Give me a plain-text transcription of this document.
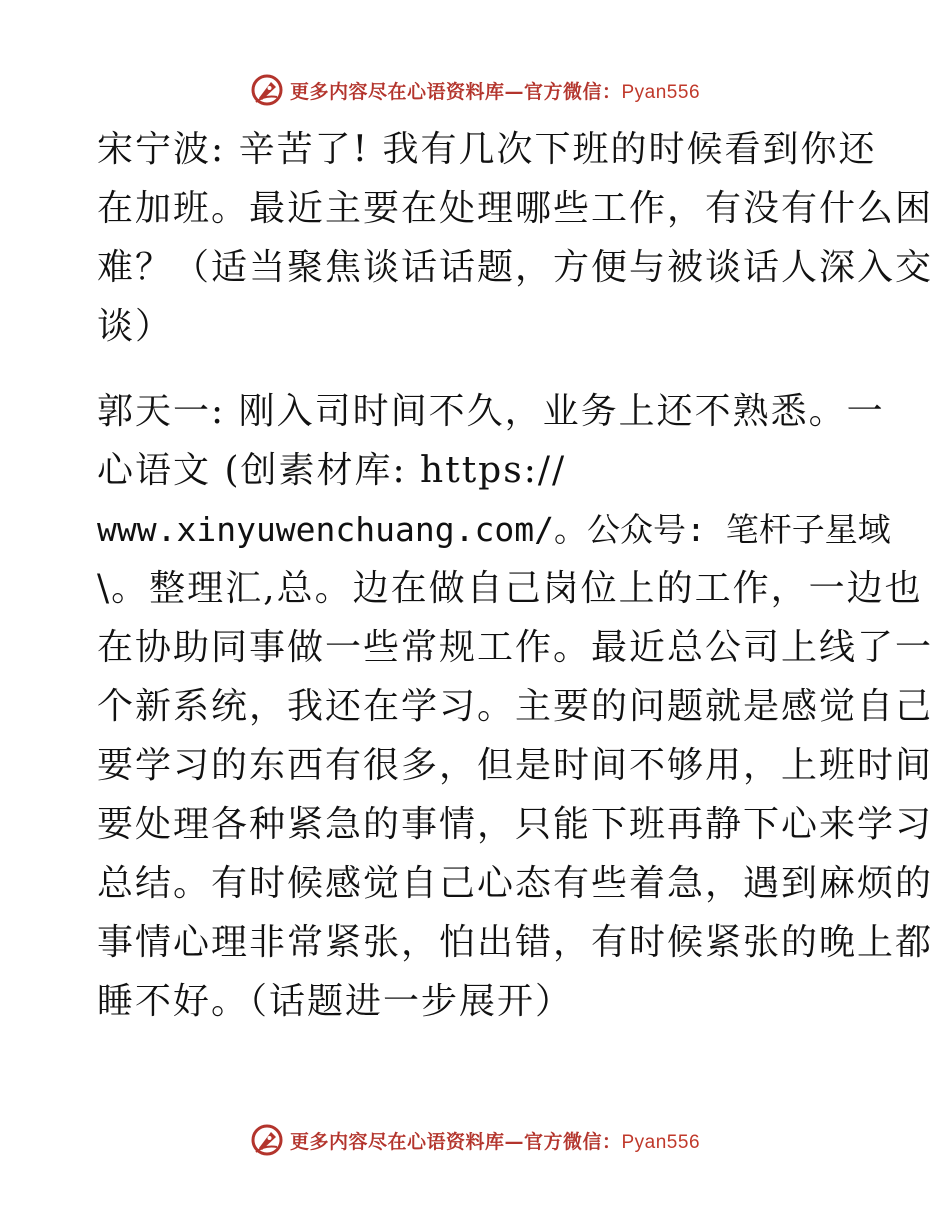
更多内容尽在心语资料库—官方微信：Pyan556
宋宁波: 辛苦了! 我有几次下班的时候看到你还
在加班。最近主要在处理哪些工作，有没有什么困
难？（适当聚焦谈话话题，方便与被谈话人深入交
谈）
郭天一: 刚入司时间不久，业务上还不熟悉。一
心语文 (创素材库: https://
www.xinyuwenchuang.com/。公众号: 笔杆子星域
\。整理汇,总。边在做自己岗位上的工作，一边也
在协助同事做一些常规工作。最近总公司上线了一
个新系统，我还在学习。主要的问题就是感觉自己
要学习的东西有很多，但是时间不够用，上班时间
要处理各种紧急的事情，只能下班再静下心来学习
总结。有时候感觉自己心态有些着急，遇到麻烦的
事情心理非常紧张，怕出错，有时候紧张的晚上都
睡不好。（话题进一步展开）
更多内容尽在心语资料库—官方微信：Pyan556
